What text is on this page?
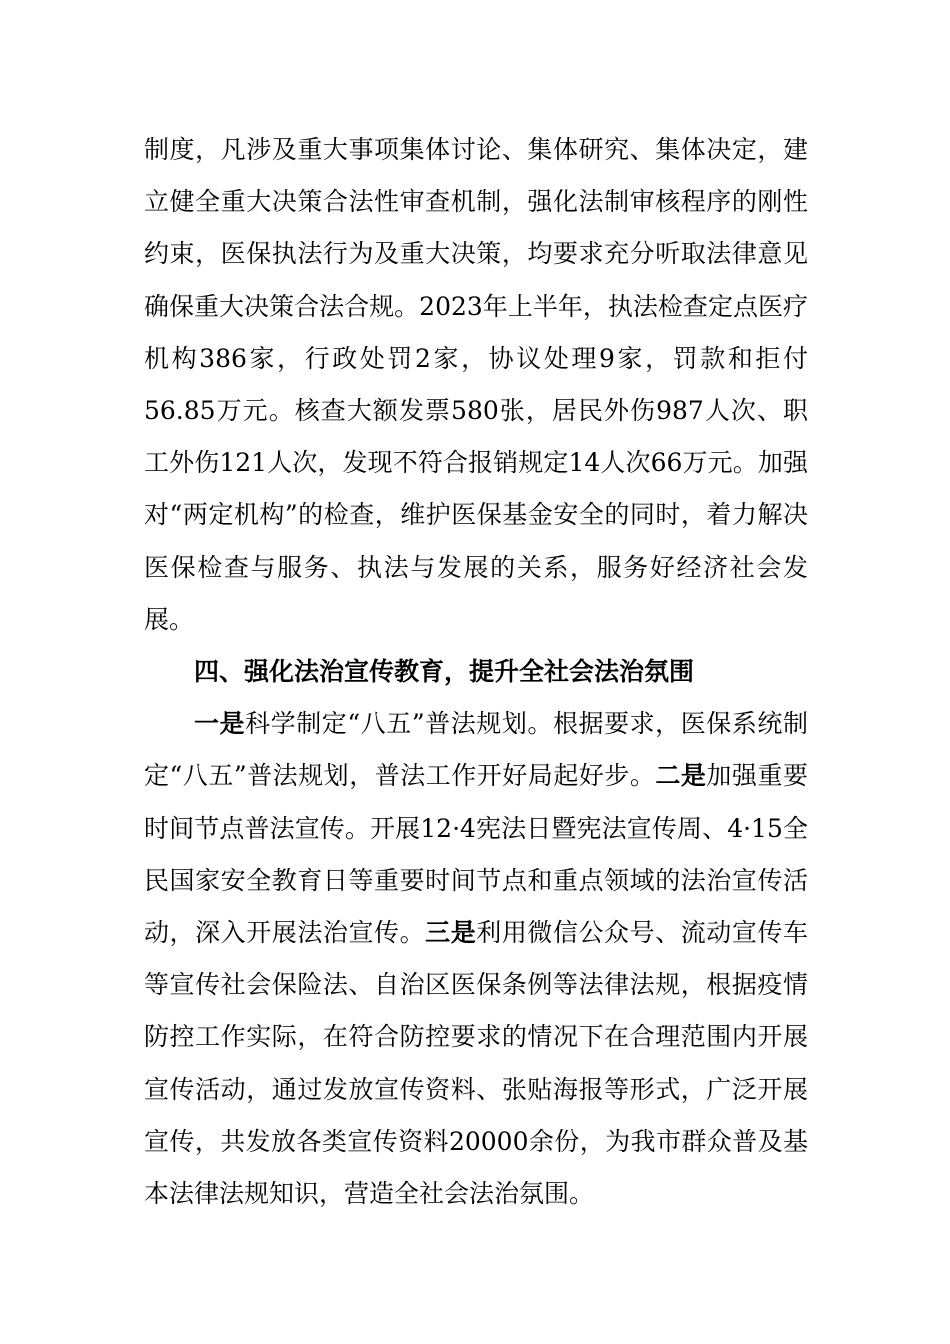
制度，凡涉及重大事项集体讨论、集体研究、集体决定，建立健全重大决策合法性审查机制，强化法制审核程序的刚性约束，医保执法行为及重大决策，均要求充分听取法律意见确保重大决策合法合规。2023年上半年，执法检查定点医疗机构386家，行政处罚2家，协议处理9家，罚款和拒付56.85万元。核查大额发票580张，居民外伤987人次、职工外伤121人次，发现不符合报销规定14人次66万元。加强对“两定机构”的检查，维护医保基金安全的同时，着力解决医保检查与服务、执法与发展的关系，服务好经济社会发展。

四、强化法治宣传教育，提升全社会法治氛围

一是科学制定“八五”普法规划。根据要求，医保系统制定“八五”普法规划，普法工作开好局起好步。二是加强重要时间节点普法宣传。开展12·4宪法日暨宪法宣传周、4·15全民国家安全教育日等重要时间节点和重点领域的法治宣传活动，深入开展法治宣传。三是利用微信公众号、流动宣传车等宣传社会保险法、自治区医保条例等法律法规，根据疫情防控工作实际，在符合防控要求的情况下在合理范围内开展宣传活动，通过发放宣传资料、张贴海报等形式，广泛开展宣传，共发放各类宣传资料20000余份，为我市群众普及基本法律法规知识，营造全社会法治氛围。
